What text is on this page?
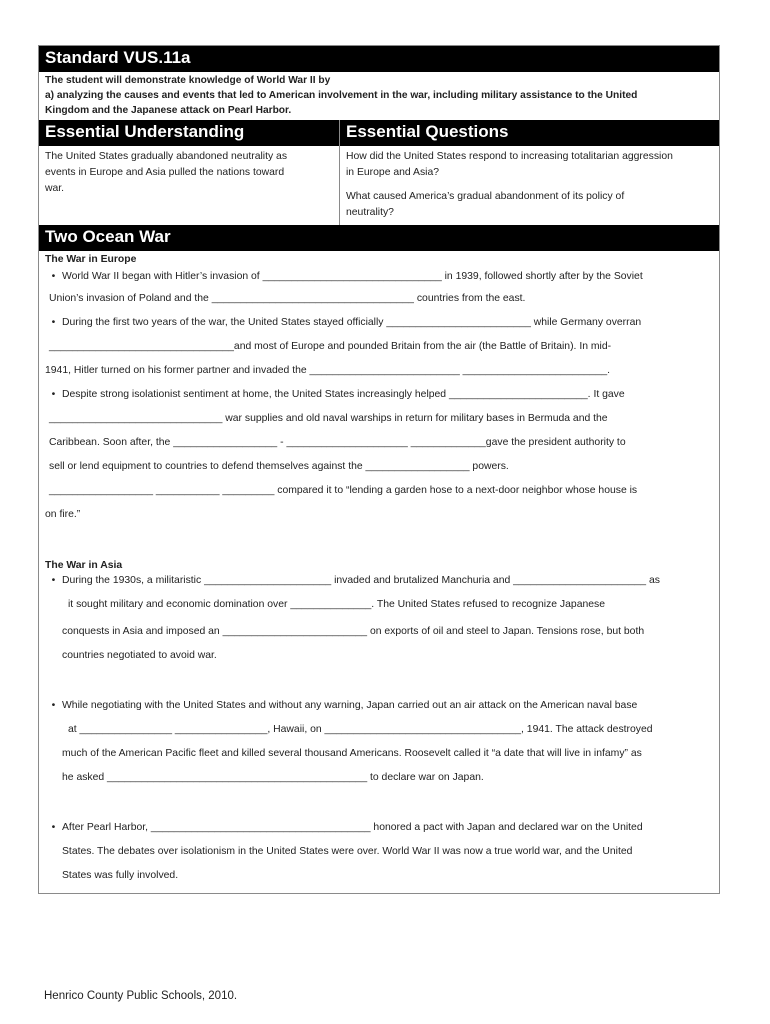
Standard VUS.11a
The student will demonstrate knowledge of World War II by
a) analyzing the causes and events that led to American involvement in the war, including military assistance to the United
Kingdom and the Japanese attack on Pearl Harbor.
Essential Understanding	Essential Questions
The United States gradually abandoned neutrality as
events in Europe and Asia pulled the nations toward
war.

How did the United States respond to increasing totalitarian aggression
in Europe and Asia?

What caused America’s gradual abandonment of its policy of
neutrality?

Two Ocean War
The War in Europe
• World War II began with Hitler’s invasion of _______________________________ in 1939, followed shortly after by the Soviet
Union’s invasion of Poland and the ___________________________________ countries from the east.
• During the first two years of the war, the United States stayed officially _________________________ while Germany overran
________________________________and most of Europe and pounded Britain from the air (the Battle of Britain). In mid-
1941, Hitler turned on his former partner and invaded the __________________________ _________________________.
• Despite strong isolationist sentiment at home, the United States increasingly helped ________________________. It gave
______________________________ war supplies and old naval warships in return for military bases in Bermuda and the
Caribbean. Soon after, the __________________ - _____________________ _____________gave the president authority to
sell or lend equipment to countries to defend themselves against the __________________ powers.
__________________ ___________ _________ compared it to “lending a garden hose to a next-door neighbor whose house is
on fire.”
The War in Asia
• During the 1930s, a militaristic ______________________ invaded and brutalized Manchuria and _______________________ as
it sought military and economic domination over ______________. The United States refused to recognize Japanese
conquests in Asia and imposed an _________________________ on exports of oil and steel to Japan. Tensions rose, but both
countries negotiated to avoid war.
• While negotiating with the United States and without any warning, Japan carried out an air attack on the American naval base
at ________________ ________________, Hawaii, on __________________________________, 1941. The attack destroyed
much of the American Pacific fleet and killed several thousand Americans. Roosevelt called it “a date that will live in infamy” as
he asked _____________________________________________ to declare war on Japan.
• After Pearl Harbor, ______________________________________ honored a pact with Japan and declared war on the United
States. The debates over isolationism in the United States were over. World War II was now a true world war, and the United
States was fully involved.
Henrico County Public Schools, 2010.
